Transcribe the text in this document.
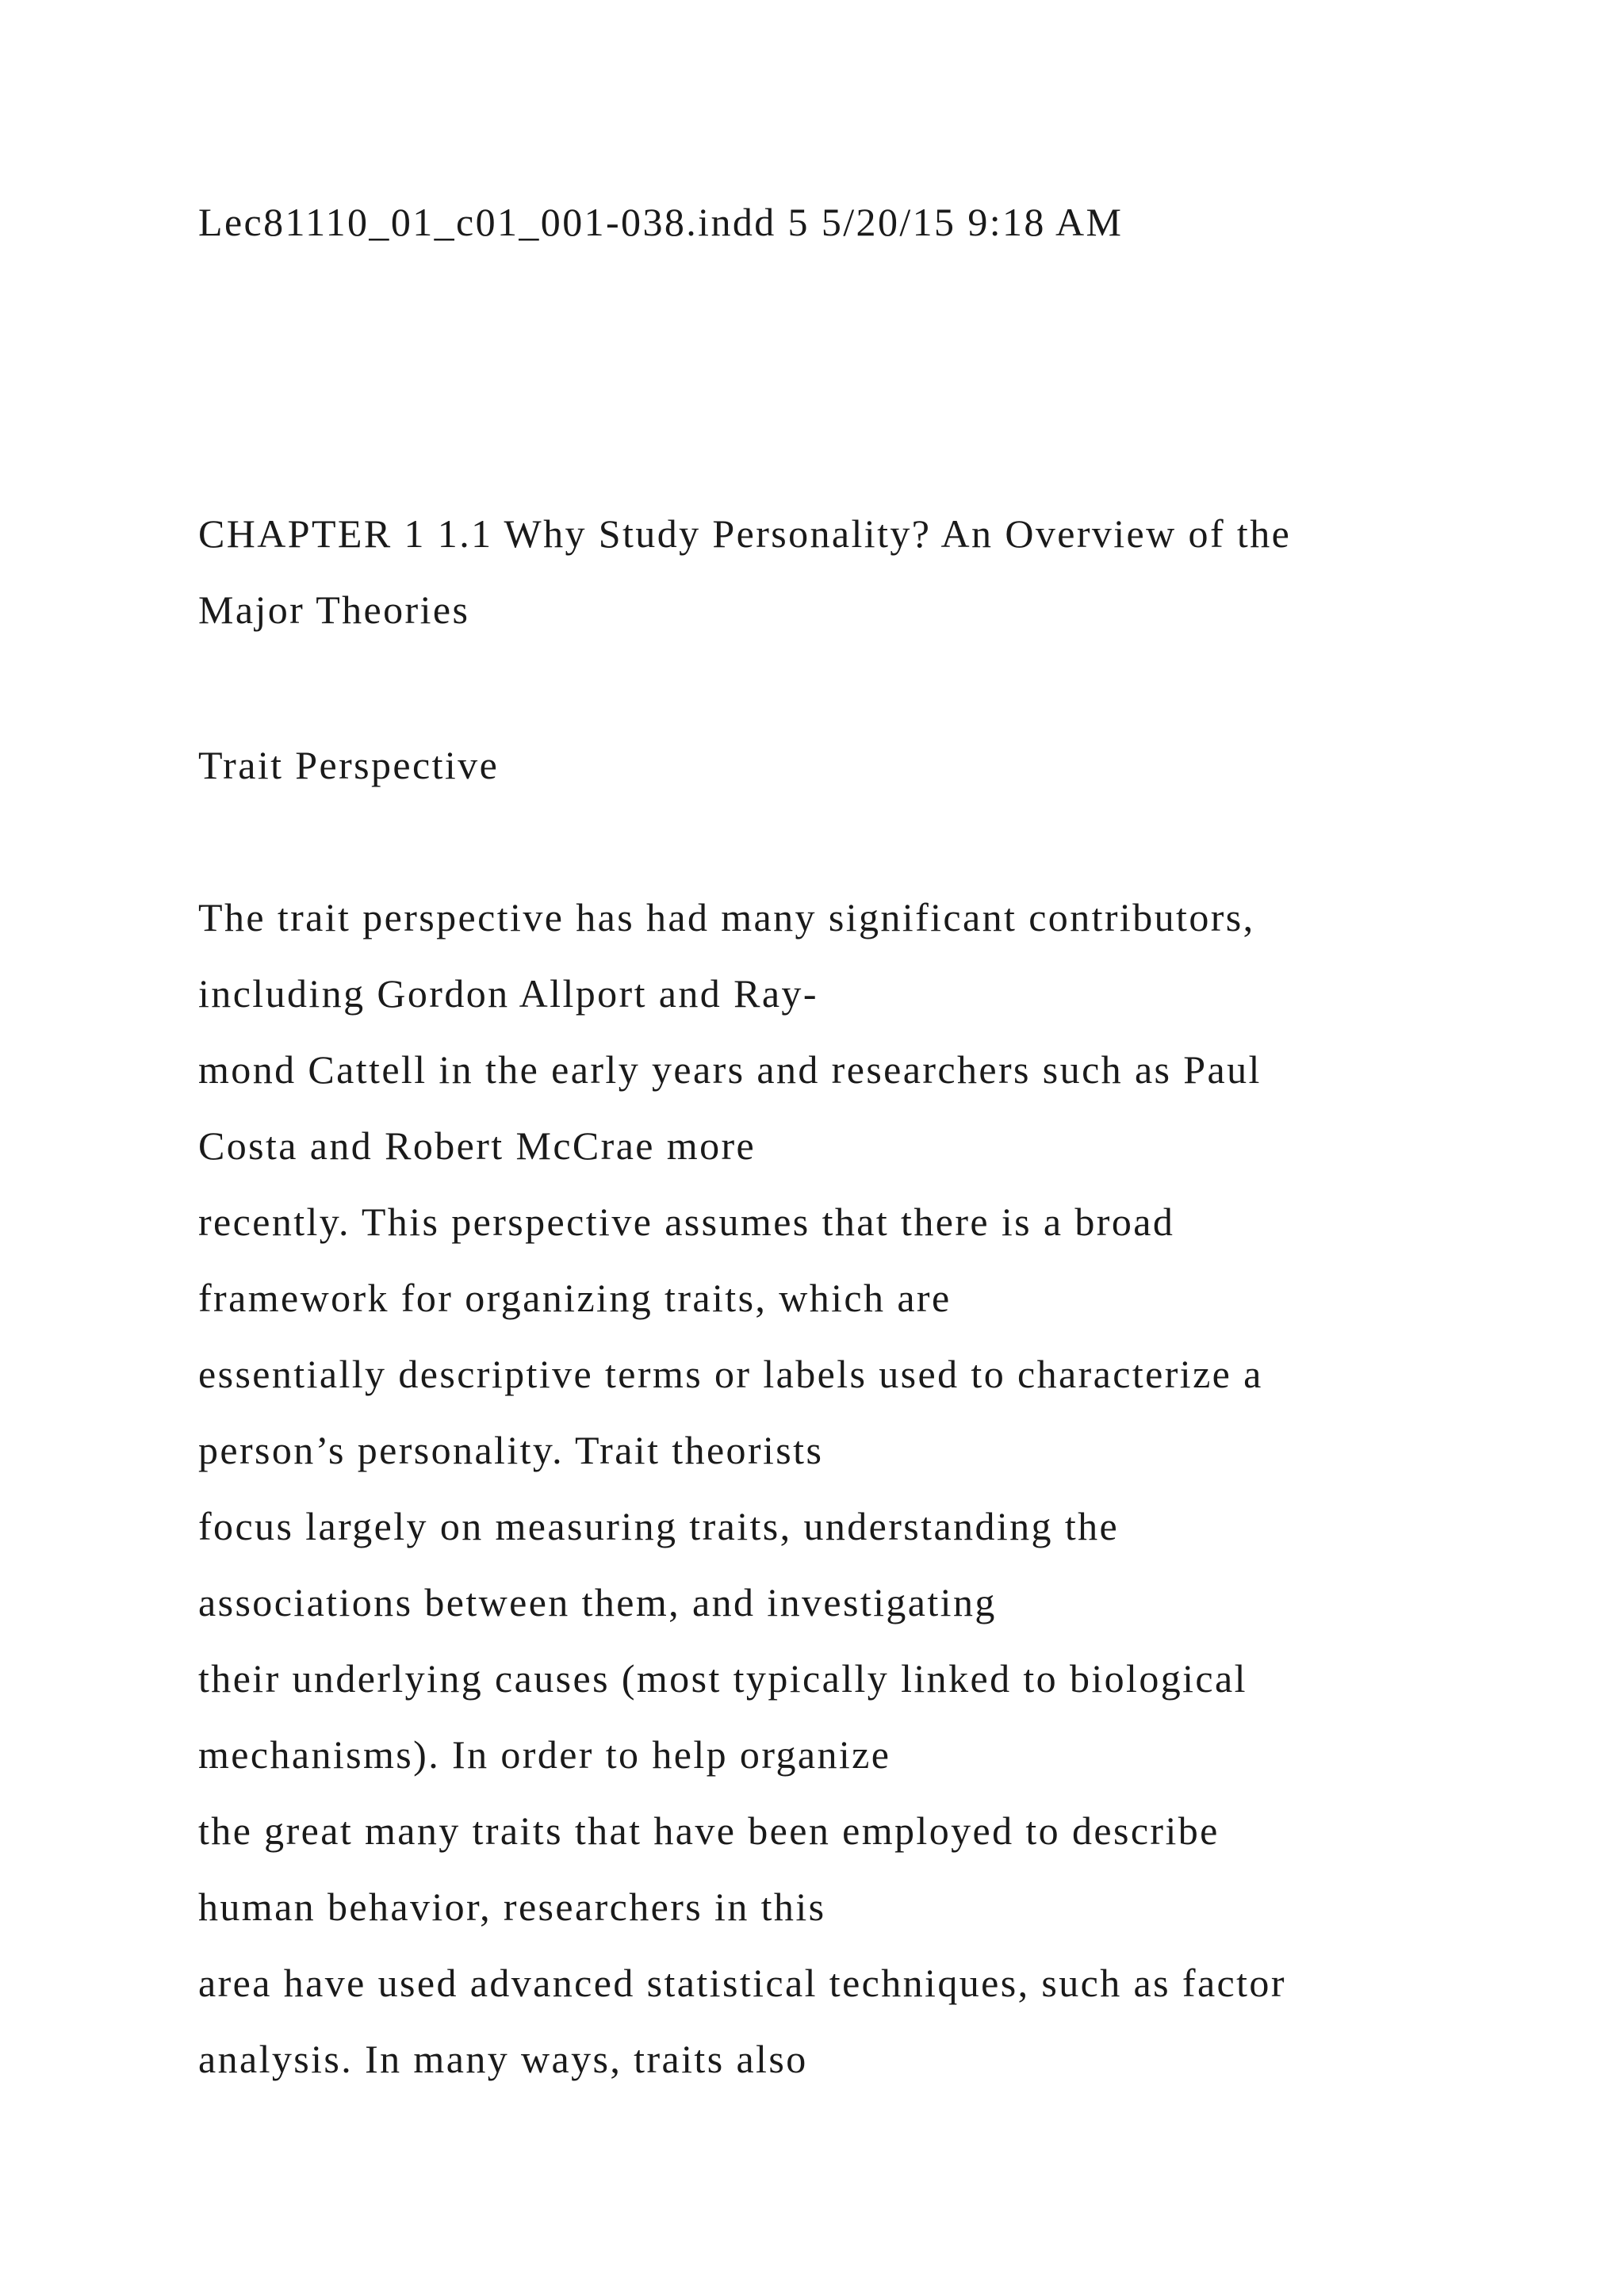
Lec81110_01_c01_001-038.indd 5 5/20/15 9:18 AM

CHAPTER 1 1.1 Why Study Personality? An Overview of the

Major Theories

Trait Perspective

The trait perspective has had many significant contributors,

including Gordon Allport and Ray-

mond Cattell in the early years and researchers such as Paul

Costa and Robert McCrae more

recently. This perspective assumes that there is a broad

framework for organizing traits, which are

essentially descriptive terms or labels used to characterize a

person’s personality. Trait theorists

focus largely on measuring traits, understanding the

associations between them, and investigating

their underlying causes (most typically linked to biological

mechanisms). In order to help organize

the great many traits that have been employed to describe

human behavior, researchers in this

area have used advanced statistical techniques, such as factor

analysis. In many ways, traits also
